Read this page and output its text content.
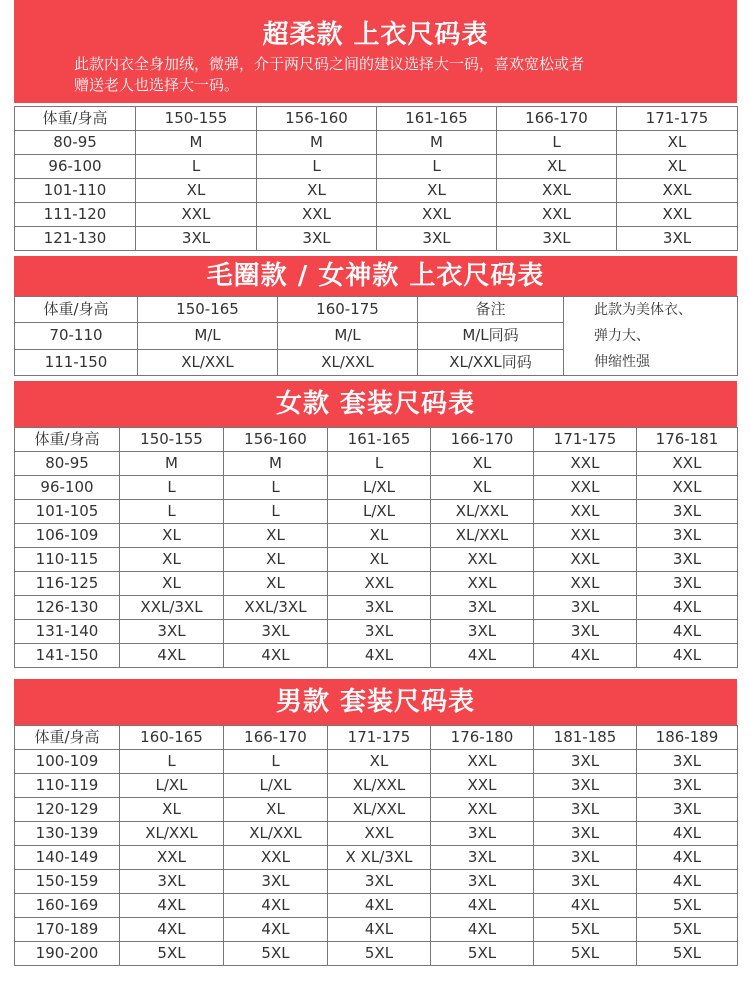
超柔款 上衣尺码表
此款内衣全身加绒，微弹，介于两尺码之间的建议选择大一码，喜欢宽松或者
赠送老人也选择大一码。
体重/身高	150-155	156-160	161-165	166-170	171-175
80-95	M	M	M	L	XL
96-100	L	L	L	XL	XL
101-110	XL	XL	XL	XXL	XXL
111-120	XXL	XXL	XXL	XXL	XXL
121-130	3XL	3XL	3XL	3XL	3XL
毛圈款 / 女神款 上衣尺码表
体重/身高	150-165	160-175	备注	此款为美体衣、
弹力大、
伸缩性强

70-110	M/L	M/L	M/L同码	
111-150	XL/XXL	XL/XXL	XL/XXL同码	
女款 套装尺码表
体重/身高	150-155	156-160	161-165	166-170	171-175	176-181
80-95	M	M	L	XL	XXL	XXL
96-100	L	L	L/XL	XL	XXL	XXL
101-105	L	L	L/XL	XL/XXL	XXL	3XL
106-109	XL	XL	XL	XL/XXL	XXL	3XL
110-115	XL	XL	XL	XXL	XXL	3XL
116-125	XL	XL	XXL	XXL	XXL	3XL
126-130	XXL/3XL	XXL/3XL	3XL	3XL	3XL	4XL
131-140	3XL	3XL	3XL	3XL	3XL	4XL
141-150	4XL	4XL	4XL	4XL	4XL	4XL
男款 套装尺码表
体重/身高	160-165	166-170	171-175	176-180	181-185	186-189
100-109	L	L	XL	XXL	3XL	3XL
110-119	L/XL	L/XL	XL/XXL	XXL	3XL	3XL
120-129	XL	XL	XL/XXL	XXL	3XL	3XL
130-139	XL/XXL	XL/XXL	XXL	3XL	3XL	4XL
140-149	XXL	XXL	X XL/3XL	3XL	3XL	4XL
150-159	3XL	3XL	3XL	3XL	3XL	4XL
160-169	4XL	4XL	4XL	4XL	4XL	5XL
170-189	4XL	4XL	4XL	4XL	5XL	5XL
190-200	5XL	5XL	5XL	5XL	5XL	5XL
